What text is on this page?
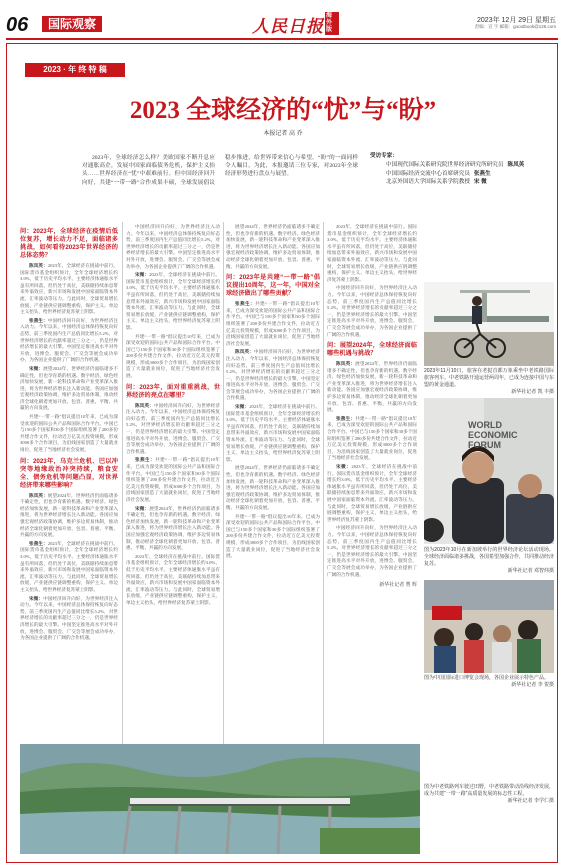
06	国际观察	人民日报海外版
2023年 12月 29日 星期五
责编：宣 宇 邮箱：gooutbook@126.com
2023 · 年 终 特 稿
2023 全球经济的“忧”与“盼”
本报记者 高 乔
2023年，全球经济怎么样？美欧国家不断升息应对通胀高企，发展中国家面临债务危机，保护主义抬头……世界经济在“忧”中艰难前行。但中国经济回升向好，共建“一带一路”合作成果丰硕，全球发展倡议稳步推进，给世界带来信心与希望。“盼”的一面同样令人瞩目。为此，本报邀请三位专家，对2023年全球经济形势进行盘点与展望。
受访专家：
中国现代国际关系研究院世界经济研究所研究员 陈凤英
中国国际经济交流中心首席研究员 张燕生
北京外国语大学国际关系学院教授 宋 微
问：2023年，全球经济在疫情后低位复苏，增长动力不足，面临诸多挑战，如何看待2023年世界经济的总体态势？
陈凤英：2023年，全球经济在挑战中前行。国际货币基金组织预计，全年全球经济增长约3.0%，低于历史平均水平。主要经济体通胀水平虽有所回落，但仍处于高位，美联储持续加息带来外溢效应，新兴市场和发展中国家面临资本外流、汇率波动等压力。与此同时，全球贸易增长放缓，产业链供应链调整重构，保护主义、单边主义抬头，给世界经济复苏蒙上阴影。
张燕生：中国经济回升向好，为世界经济注入动力。今年以来，中国经济总体保持恢复向好态势，前三季度国内生产总值同比增长5.2%，对世界经济增长的贡献率超过三分之一，仍是世界经济增长的最大引擎。中国坚定推进高水平对外开放，进博会、服贸会、广交会等展会成功举办，为各国企业提供了广阔的合作机遇。
宋微：展望2024年，世界经济仍面临诸多不确定性，但也孕育新的机遇。数字经济、绿色经济加快发展，新一轮科技革命和产业变革深入推进，将为世界经济增长注入新动能。各国应加强宏观经济政策协调，维护多边贸易体制，推动经济全球化朝着更加开放、包容、普惠、平衡、共赢的方向发展。
共建“一带一路”倡议提出10年来，已成为深受欢迎的国际公共产品和国际合作平台。中国已与150多个国家和30多个国际组织签署了200多份共建合作文件，拉动近万亿美元投资规模，形成3000多个合作项目，为沿线国家创造了大量就业岗位，促进了当地经济社会发展。
问：2023年，乌克兰危机、巴以冲突等地缘政治冲突持续，粮食安全、债务危机等问题凸显，对世界经济带来哪些影响？
陈凤英：展望2024年，世界经济仍面临诸多不确定性，但也孕育新的机遇。数字经济、绿色经济加快发展，新一轮科技革命和产业变革深入推进，将为世界经济增长注入新动能。各国应加强宏观经济政策协调，维护多边贸易体制，推动经济全球化朝着更加开放、包容、普惠、平衡、共赢的方向发展。
张燕生：2023年，全球经济在挑战中前行。国际货币基金组织预计，全年全球经济增长约3.0%，低于历史平均水平。主要经济体通胀水平虽有所回落，但仍处于高位，美联储持续加息带来外溢效应，新兴市场和发展中国家面临资本外流、汇率波动等压力。与此同时，全球贸易增长放缓，产业链供应链调整重构，保护主义、单边主义抬头，给世界经济复苏蒙上阴影。
宋微：中国经济回升向好，为世界经济注入动力。今年以来，中国经济总体保持恢复向好态势，前三季度国内生产总值同比增长5.2%，对世界经济增长的贡献率超过三分之一，仍是世界经济增长的最大引擎。中国坚定推进高水平对外开放，进博会、服贸会、广交会等展会成功举办，为各国企业提供了广阔的合作机遇。
中国经济回升向好，为世界经济注入动力。今年以来，中国经济总体保持恢复向好态势，前三季度国内生产总值同比增长5.2%，对世界经济增长的贡献率超过三分之一，仍是世界经济增长的最大引擎。中国坚定推进高水平对外开放，进博会、服贸会、广交会等展会成功举办，为各国企业提供了广阔的合作机遇。
宋微：2023年，全球经济在挑战中前行。国际货币基金组织预计，全年全球经济增长约3.0%，低于历史平均水平。主要经济体通胀水平虽有所回落，但仍处于高位，美联储持续加息带来外溢效应，新兴市场和发展中国家面临资本外流、汇率波动等压力。与此同时，全球贸易增长放缓，产业链供应链调整重构，保护主义、单边主义抬头，给世界经济复苏蒙上阴影。
共建“一带一路”倡议提出10年来，已成为深受欢迎的国际公共产品和国际合作平台。中国已与150多个国家和30多个国际组织签署了200多份共建合作文件，拉动近万亿美元投资规模，形成3000多个合作项目，为沿线国家创造了大量就业岗位，促进了当地经济社会发展。
问：2023年，面对重重挑战，世界经济的亮点在哪里？
陈凤英：中国经济回升向好，为世界经济注入动力。今年以来，中国经济总体保持恢复向好态势，前三季度国内生产总值同比增长5.2%，对世界经济增长的贡献率超过三分之一，仍是世界经济增长的最大引擎。中国坚定推进高水平对外开放，进博会、服贸会、广交会等展会成功举办，为各国企业提供了广阔的合作机遇。
张燕生：共建“一带一路”倡议提出10年来，已成为深受欢迎的国际公共产品和国际合作平台。中国已与150多个国家和30多个国际组织签署了200多份共建合作文件，拉动近万亿美元投资规模，形成3000多个合作项目，为沿线国家创造了大量就业岗位，促进了当地经济社会发展。
宋微：展望2024年，世界经济仍面临诸多不确定性，但也孕育新的机遇。数字经济、绿色经济加快发展，新一轮科技革命和产业变革深入推进，将为世界经济增长注入新动能。各国应加强宏观经济政策协调，维护多边贸易体制，推动经济全球化朝着更加开放、包容、普惠、平衡、共赢的方向发展。
2023年，全球经济在挑战中前行。国际货币基金组织预计，全年全球经济增长约3.0%，低于历史平均水平。主要经济体通胀水平虽有所回落，但仍处于高位，美联储持续加息带来外溢效应，新兴市场和发展中国家面临资本外流、汇率波动等压力。与此同时，全球贸易增长放缓，产业链供应链调整重构，保护主义、单边主义抬头，给世界经济复苏蒙上阴影。
展望2024年，世界经济仍面临诸多不确定性，但也孕育新的机遇。数字经济、绿色经济加快发展，新一轮科技革命和产业变革深入推进，将为世界经济增长注入新动能。各国应加强宏观经济政策协调，维护多边贸易体制，推动经济全球化朝着更加开放、包容、普惠、平衡、共赢的方向发展。
问：2023年是共建“一带一路”倡议提出10周年，这一年，中国对全球经济做出了哪些贡献？
张燕生：共建“一带一路”倡议提出10年来，已成为深受欢迎的国际公共产品和国际合作平台。中国已与150多个国家和30多个国际组织签署了200多份共建合作文件，拉动近万亿美元投资规模，形成3000多个合作项目，为沿线国家创造了大量就业岗位，促进了当地经济社会发展。
陈凤英：中国经济回升向好，为世界经济注入动力。今年以来，中国经济总体保持恢复向好态势，前三季度国内生产总值同比增长5.2%，对世界经济增长的贡献率超过三分之一，仍是世界经济增长的最大引擎。中国坚定推进高水平对外开放，进博会、服贸会、广交会等展会成功举办，为各国企业提供了广阔的合作机遇。
宋微：2023年，全球经济在挑战中前行。国际货币基金组织预计，全年全球经济增长约3.0%，低于历史平均水平。主要经济体通胀水平虽有所回落，但仍处于高位，美联储持续加息带来外溢效应，新兴市场和发展中国家面临资本外流、汇率波动等压力。与此同时，全球贸易增长放缓，产业链供应链调整重构，保护主义、单边主义抬头，给世界经济复苏蒙上阴影。
展望2024年，世界经济仍面临诸多不确定性，但也孕育新的机遇。数字经济、绿色经济加快发展，新一轮科技革命和产业变革深入推进，将为世界经济增长注入新动能。各国应加强宏观经济政策协调，维护多边贸易体制，推动经济全球化朝着更加开放、包容、普惠、平衡、共赢的方向发展。
共建“一带一路”倡议提出10年来，已成为深受欢迎的国际公共产品和国际合作平台。中国已与150多个国家和30多个国际组织签署了200多份共建合作文件，拉动近万亿美元投资规模，形成3000多个合作项目，为沿线国家创造了大量就业岗位，促进了当地经济社会发展。
2023年，全球经济在挑战中前行。国际货币基金组织预计，全年全球经济增长约3.0%，低于历史平均水平。主要经济体通胀水平虽有所回落，但仍处于高位，美联储持续加息带来外溢效应，新兴市场和发展中国家面临资本外流、汇率波动等压力。与此同时，全球贸易增长放缓，产业链供应链调整重构，保护主义、单边主义抬头，给世界经济复苏蒙上阴影。
中国经济回升向好，为世界经济注入动力。今年以来，中国经济总体保持恢复向好态势，前三季度国内生产总值同比增长5.2%，对世界经济增长的贡献率超过三分之一，仍是世界经济增长的最大引擎。中国坚定推进高水平对外开放，进博会、服贸会、广交会等展会成功举办，为各国企业提供了广阔的合作机遇。
问：展望2024年，全球经济面临哪些机遇与挑战？
陈凤英：展望2024年，世界经济仍面临诸多不确定性，但也孕育新的机遇。数字经济、绿色经济加快发展，新一轮科技革命和产业变革深入推进，将为世界经济增长注入新动能。各国应加强宏观经济政策协调，维护多边贸易体制，推动经济全球化朝着更加开放、包容、普惠、平衡、共赢的方向发展。
张燕生：共建“一带一路”倡议提出10年来，已成为深受欢迎的国际公共产品和国际合作平台。中国已与150多个国家和30多个国际组织签署了200多份共建合作文件，拉动近万亿美元投资规模，形成3000多个合作项目，为沿线国家创造了大量就业岗位，促进了当地经济社会发展。
宋微：2023年，全球经济在挑战中前行。国际货币基金组织预计，全年全球经济增长约3.0%，低于历史平均水平。主要经济体通胀水平虽有所回落，但仍处于高位，美联储持续加息带来外溢效应，新兴市场和发展中国家面临资本外流、汇率波动等压力。与此同时，全球贸易增长放缓，产业链供应链调整重构，保护主义、单边主义抬头，给世界经济复苏蒙上阴影。
中国经济回升向好，为世界经济注入动力。今年以来，中国经济总体保持恢复向好态势，前三季度国内生产总值同比增长5.2%，对世界经济增长的贡献率超过三分之一，仍是世界经济增长的最大引擎。中国坚定推进高水平对外开放，进博会、服贸会、广交会等展会成功举办，为各国企业提供了广阔的合作机遇。
新华社记者 曹 辉
2023年11月10日，旅客在老挝首都万象乘坐中老铁路国际旅客列车。中老铁路开通运营两周年，已成为连接中国与东盟的黄金通道。
新华社记者 凯 丰摄
WORLD
ECONOMIC
FORUM
图为2023年10月在新加坡举行的世界经济论坛活动现场。全球经济面临诸多挑战，各国希望加强合作，共同推动经济复苏。
新华社记者 邓智炜摄
图为中国国际进口博览会现场，各国企业展示特色产品。
新华社记者 李 贺摄
图为中老铁路列车驶过田野，中老铁路带动沿线经济发展，成为共建“一带一路”高质量发展的标志性工程。
新华社记者 李学仁摄
